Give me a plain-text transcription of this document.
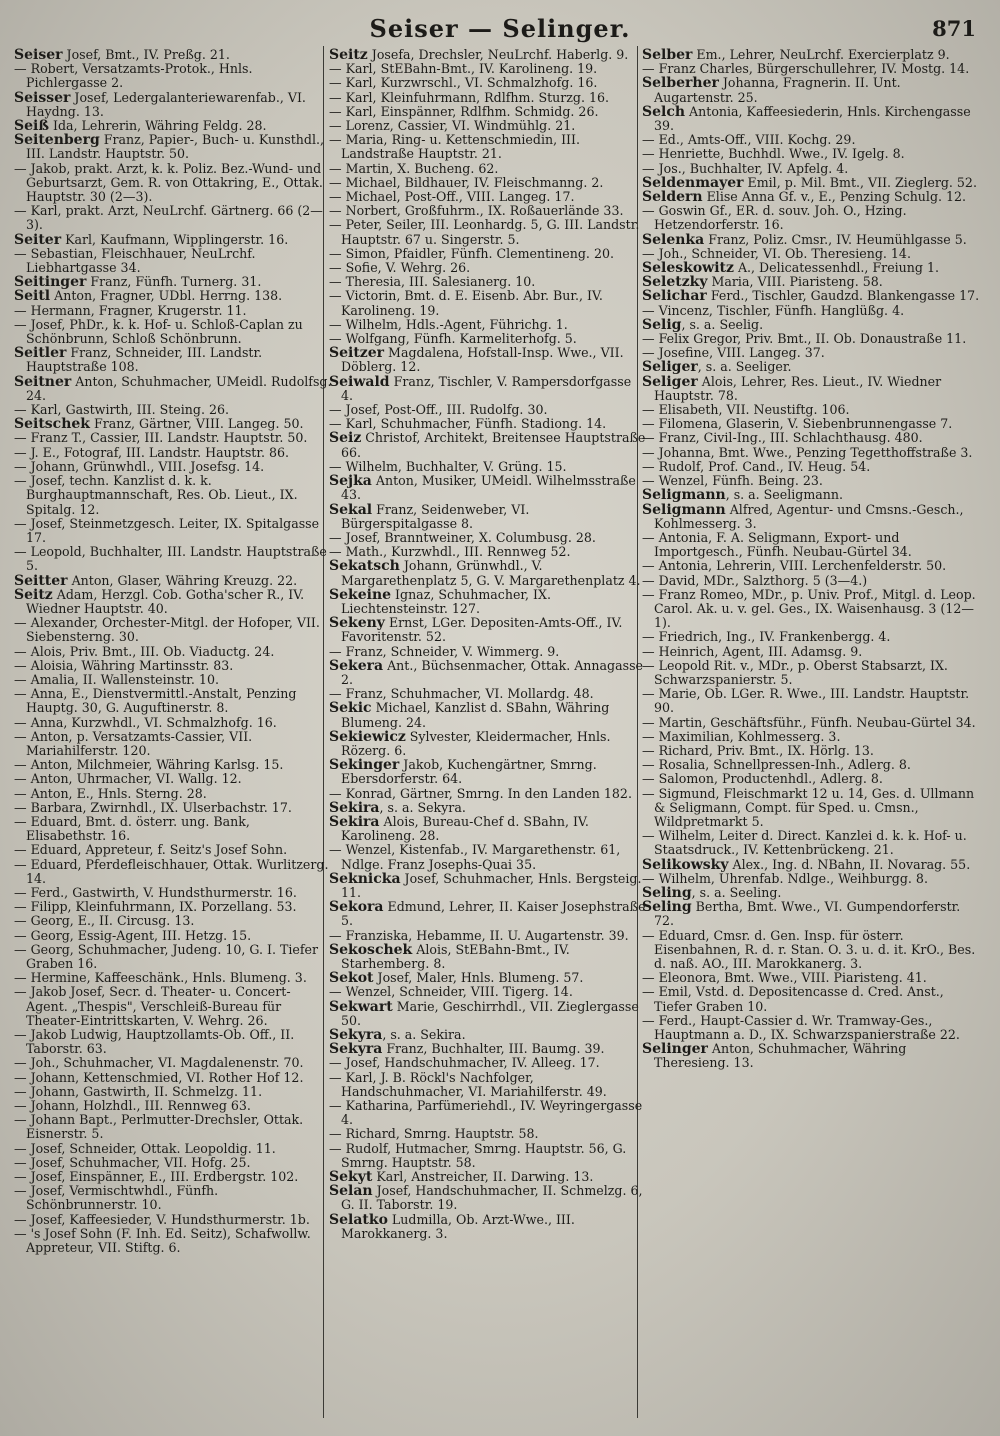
Seiser — Selinger.	871

Seiser Josef, Bmt., IV. Preßg. 21.

— Robert, Versatzamts-Protok., Hnls. Pichlergasse 2.

Seisser Josef, Ledergalanteriewarenfab., VI. Haydng. 13.

Seiß Ida, Lehrerin, Währing Feldg. 28.

Seitenberg Franz, Papier-, Buch- u. Kunsthdl., III. Landstr. Hauptstr. 50.

— Jakob, prakt. Arzt, k. k. Poliz. Bez.-Wund- und Geburtsarzt, Gem. R. von Ottakring, E., Ottak. Hauptstr. 30 (2—3).

— Karl, prakt. Arzt, NeuLrchf. Gärtnerg. 66 (2—3).

Seiter Karl, Kaufmann, Wipplingerstr. 16.

— Sebastian, Fleischhauer, NeuLrchf. Liebhartgasse 34.

Seitinger Franz, Fünfh. Turnerg. 31.

Seitl Anton, Fragner, UDbl. Herrng. 138.

— Hermann, Fragner, Krugerstr. 11.

— Josef, PhDr., k. k. Hof- u. Schloß-Caplan zu Schönbrunn, Schloß Schönbrunn.

Seitler Franz, Schneider, III. Landstr. Hauptstraße 108.

Seitner Anton, Schuhmacher, UMeidl. Rudolfsg. 24.

— Karl, Gastwirth, III. Steing. 26.

Seitschek Franz, Gärtner, VIII. Langeg. 50.

— Franz T., Cassier, III. Landstr. Hauptstr. 50.

— J. E., Fotograf, III. Landstr. Hauptstr. 86.

— Johann, Grünwhdl., VIII. Josefsg. 14.

— Josef, techn. Kanzlist d. k. k. Burghauptmannschaft, Res. Ob. Lieut., IX. Spitalg. 12.

— Josef, Steinmetzgesch. Leiter, IX. Spitalgasse 17.

— Leopold, Buchhalter, III. Landstr. Hauptstraße 5.

Seitter Anton, Glaser, Währing Kreuzg. 22.

Seitz Adam, Herzgl. Cob. Gotha'scher R., IV. Wiedner Hauptstr. 40.

— Alexander, Orchester-Mitgl. der Hofoper, VII. Siebensterng. 30.

— Alois, Priv. Bmt., III. Ob. Viaductg. 24.

— Aloisia, Währing Martinsstr. 83.

— Amalia, II. Wallensteinstr. 10.

— Anna, E., Dienstvermittl.-Anstalt, Penzing Hauptg. 30, G. Auguftinerstr. 8.

— Anna, Kurzwhdl., VI. Schmalzhofg. 16.

— Anton, p. Versatzamts-Cassier, VII. Mariahilferstr. 120.

— Anton, Milchmeier, Währing Karlsg. 15.

— Anton, Uhrmacher, VI. Wallg. 12.

— Anton, E., Hnls. Sterng. 28.

— Barbara, Zwirnhdl., IX. Ulserbachstr. 17.

— Eduard, Bmt. d. österr. ung. Bank, Elisabethstr. 16.

— Eduard, Appreteur, f. Seitz's Josef Sohn.

— Eduard, Pferdefleischhauer, Ottak. Wurlitzerg. 14.

— Ferd., Gastwirth, V. Hundsthurmerstr. 16.

— Filipp, Kleinfuhrmann, IX. Porzellang. 53.

— Georg, E., II. Circusg. 13.

— Georg, Essig-Agent, III. Hetzg. 15.

— Georg, Schuhmacher, Judeng. 10, G. I. Tiefer Graben 16.

— Hermine, Kaffeeschänk., Hnls. Blumeng. 3.

— Jakob Josef, Secr. d. Theater- u. Concert-Agent. „Thespis", Verschleiß-Bureau für Theater-Eintrittskarten, V. Wehrg. 26.

— Jakob Ludwig, Hauptzollamts-Ob. Off., II. Taborstr. 63.

— Joh., Schuhmacher, VI. Magdalenenstr. 70.

— Johann, Kettenschmied, VI. Rother Hof 12.

— Johann, Gastwirth, II. Schmelzg. 11.

— Johann, Holzhdl., III. Rennweg 63.

— Johann Bapt., Perlmutter-Drechsler, Ottak. Eisnerstr. 5.

— Josef, Schneider, Ottak. Leopoldig. 11.

— Josef, Schuhmacher, VII. Hofg. 25.

— Josef, Einspänner, E., III. Erdbergstr. 102.

— Josef, Vermischtwhdl., Fünfh. Schönbrunnerstr. 10.

— Josef, Kaffeesieder, V. Hundsthurmerstr. 1b.

— 's Josef Sohn (F. Inh. Ed. Seitz), Schafwollw. Appreteur, VII. Stiftg. 6.

Seitz Josefa, Drechsler, NeuLrchf. Haberlg. 9.

— Karl, StEBahn-Bmt., IV. Karolineng. 19.

— Karl, Kurzwrschl., VI. Schmalzhofg. 16.

— Karl, Kleinfuhrmann, Rdlfhm. Sturzg. 16.

— Karl, Einspänner, Rdlfhm. Schmidg. 26.

— Lorenz, Cassier, VI. Windmühlg. 21.

— Maria, Ring- u. Kettenschmiedin, III. Landstraße Hauptstr. 21.

— Martin, X. Bucheng. 62.

— Michael, Bildhauer, IV. Fleischmanng. 2.

— Michael, Post-Off., VIII. Langeg. 17.

— Norbert, Großfuhrm., IX. Roßauerlände 33.

— Peter, Seiler, III. Leonhardg. 5, G. III. Landstr. Hauptstr. 67 u. Singerstr. 5.

— Simon, Pfaidler, Fünfh. Clementineng. 20.

— Sofie, V. Wehrg. 26.

— Theresia, III. Salesianerg. 10.

— Victorin, Bmt. d. E. Eisenb. Abr. Bur., IV. Karolineng. 19.

— Wilhelm, Hdls.-Agent, Führichg. 1.

— Wolfgang, Fünfh. Karmeliterhofg. 5.

Seitzer Magdalena, Hofstall-Insp. Wwe., VII. Döblerg. 12.

Seiwald Franz, Tischler, V. Rampersdorfgasse 4.

— Josef, Post-Off., III. Rudolfg. 30.

— Karl, Schuhmacher, Fünfh. Stadiong. 14.

Seiz Christof, Architekt, Breitensee Hauptstraße 66.

— Wilhelm, Buchhalter, V. Grüng. 15.

Sejka Anton, Musiker, UMeidl. Wilhelmsstraße 43.

Sekal Franz, Seidenweber, VI. Bürgerspitalgasse 8.

— Josef, Branntweiner, X. Columbusg. 28.

— Math., Kurzwhdl., III. Rennweg 52.

Sekatsch Johann, Grünwhdl., V. Margarethenplatz 5, G. V. Margarethenplatz 4.

Sekeine Ignaz, Schuhmacher, IX. Liechtensteinstr. 127.

Sekeny Ernst, LGer. Depositen-Amts-Off., IV. Favoritenstr. 52.

— Franz, Schneider, V. Wimmerg. 9.

Sekera Ant., Büchsenmacher, Ottak. Annagasse 2.

— Franz, Schuhmacher, VI. Mollardg. 48.

Sekic Michael, Kanzlist d. SBahn, Währing Blumeng. 24.

Sekiewicz Sylvester, Kleidermacher, Hnls. Rözerg. 6.

Sekinger Jakob, Kuchengärtner, Smrng. Ebersdorferstr. 64.

— Konrad, Gärtner, Smrng. In den Landen 182.

Sekira, s. a. Sekyra.

Sekira Alois, Bureau-Chef d. SBahn, IV. Karolineng. 28.

— Wenzel, Kistenfab., IV. Margarethenstr. 61, Ndlge. Franz Josephs-Quai 35.

Seknicka Josef, Schuhmacher, Hnls. Bergsteig. 11.

Sekora Edmund, Lehrer, II. Kaiser Josephstraße 5.

— Franziska, Hebamme, II. U. Augartenstr. 39.

Sekoschek Alois, StEBahn-Bmt., IV. Starhemberg. 8.

Sekot Josef, Maler, Hnls. Blumeng. 57.

— Wenzel, Schneider, VIII. Tigerg. 14.

Sekwart Marie, Geschirrhdl., VII. Zieglergasse 50.

Sekyra, s. a. Sekira.

Sekyra Franz, Buchhalter, III. Baumg. 39.

— Josef, Handschuhmacher, IV. Alleeg. 17.

— Karl, J. B. Röckl's Nachfolger, Handschuhmacher, VI. Mariahilferstr. 49.

— Katharina, Parfümeriehdl., IV. Weyringergasse 4.

— Richard, Smrng. Hauptstr. 58.

— Rudolf, Hutmacher, Smrng. Hauptstr. 56, G. Smrng. Hauptstr. 58.

Sekyt Karl, Anstreicher, II. Darwing. 13.

Selan Josef, Handschuhmacher, II. Schmelzg. 6, G. II. Taborstr. 19.

Selatko Ludmilla, Ob. Arzt-Wwe., III. Marokkanerg. 3.

Selber Em., Lehrer, NeuLrchf. Exercierplatz 9.

— Franz Charles, Bürgerschullehrer, IV. Mostg. 14.

Selberher Johanna, Fragnerin. II. Unt. Augartenstr. 25.

Selch Antonia, Kaffeesiederin, Hnls. Kirchengasse 39.

— Ed., Amts-Off., VIII. Kochg. 29.

— Henriette, Buchhdl. Wwe., IV. Igelg. 8.

— Jos., Buchhalter, IV. Apfelg. 4.

Seldenmayer Emil, p. Mil. Bmt., VII. Zieglerg. 52.

Seldern Elise Anna Gf. v., E., Penzing Schulg. 12.

— Goswin Gf., ER. d. souv. Joh. O., Hzing. Hetzendorferstr. 16.

Selenka Franz, Poliz. Cmsr., IV. Heumühlgasse 5.

— Joh., Schneider, VI. Ob. Theresieng. 14.

Seleskowitz A., Delicatessenhdl., Freiung 1.

Seletzky Maria, VIII. Piaristeng. 58.

Selichar Ferd., Tischler, Gaudzd. Blankengasse 17.

— Vincenz, Tischler, Fünfh. Hanglüßg. 4.

Selig, s. a. Seelig.

— Felix Gregor, Priv. Bmt., II. Ob. Donaustraße 11.

— Josefine, VIII. Langeg. 37.

Seliger, s. a. Seeliger.

Seliger Alois, Lehrer, Res. Lieut., IV. Wiedner Hauptstr. 78.

— Elisabeth, VII. Neustiftg. 106.

— Filomena, Glaserin, V. Siebenbrunnengasse 7.

— Franz, Civil-Ing., III. Schlachthausg. 480.

— Johanna, Bmt. Wwe., Penzing Tegetthoffstraße 3.

— Rudolf, Prof. Cand., IV. Heug. 54.

— Wenzel, Fünfh. Being. 23.

Seligmann, s. a. Seeligmann.

Seligmann Alfred, Agentur- und Cmsns.-Gesch., Kohlmesserg. 3.

— Antonia, F. A. Seligmann, Export- und Importgesch., Fünfh. Neubau-Gürtel 34.

— Antonia, Lehrerin, VIII. Lerchenfelderstr. 50.

— David, MDr., Salzthorg. 5 (3—4.)

— Franz Romeo, MDr., p. Univ. Prof., Mitgl. d. Leop. Carol. Ak. u. v. gel. Ges., IX. Waisenhausg. 3 (12—1).

— Friedrich, Ing., IV. Frankenbergg. 4.

— Heinrich, Agent, III. Adamsg. 9.

— Leopold Rit. v., MDr., p. Oberst Stabsarzt, IX. Schwarzspanierstr. 5.

— Marie, Ob. LGer. R. Wwe., III. Landstr. Hauptstr. 90.

— Martin, Geschäftsführ., Fünfh. Neubau-Gürtel 34.

— Maximilian, Kohlmesserg. 3.

— Richard, Priv. Bmt., IX. Hörlg. 13.

— Rosalia, Schnellpressen-Inh., Adlerg. 8.

— Salomon, Productenhdl., Adlerg. 8.

— Sigmund, Fleischmarkt 12 u. 14, Ges. d. Ullmann & Seligmann, Compt. für Sped. u. Cmsn., Wildpretmarkt 5.

— Wilhelm, Leiter d. Direct. Kanzlei d. k. k. Hof- u. Staatsdruck., IV. Kettenbrückeng. 21.

Selikowsky Alex., Ing. d. NBahn, II. Novarag. 55.

— Wilhelm, Uhrenfab. Ndlge., Weihburgg. 8.

Seling, s. a. Seeling.

Seling Bertha, Bmt. Wwe., VI. Gumpendorferstr. 72.

— Eduard, Cmsr. d. Gen. Insp. für österr. Eisenbahnen, R. d. r. Stan. O. 3. u. d. it. KrO., Bes. d. naß. AO., III. Marokkanerg. 3.

— Eleonora, Bmt. Wwe., VIII. Piaristeng. 41.

— Emil, Vstd. d. Depositencasse d. Cred. Anst., Tiefer Graben 10.

— Ferd., Haupt-Cassier d. Wr. Tramway-Ges., Hauptmann a. D., IX. Schwarzspanierstraße 22.

Selinger Anton, Schuhmacher, Währing Theresieng. 13.
